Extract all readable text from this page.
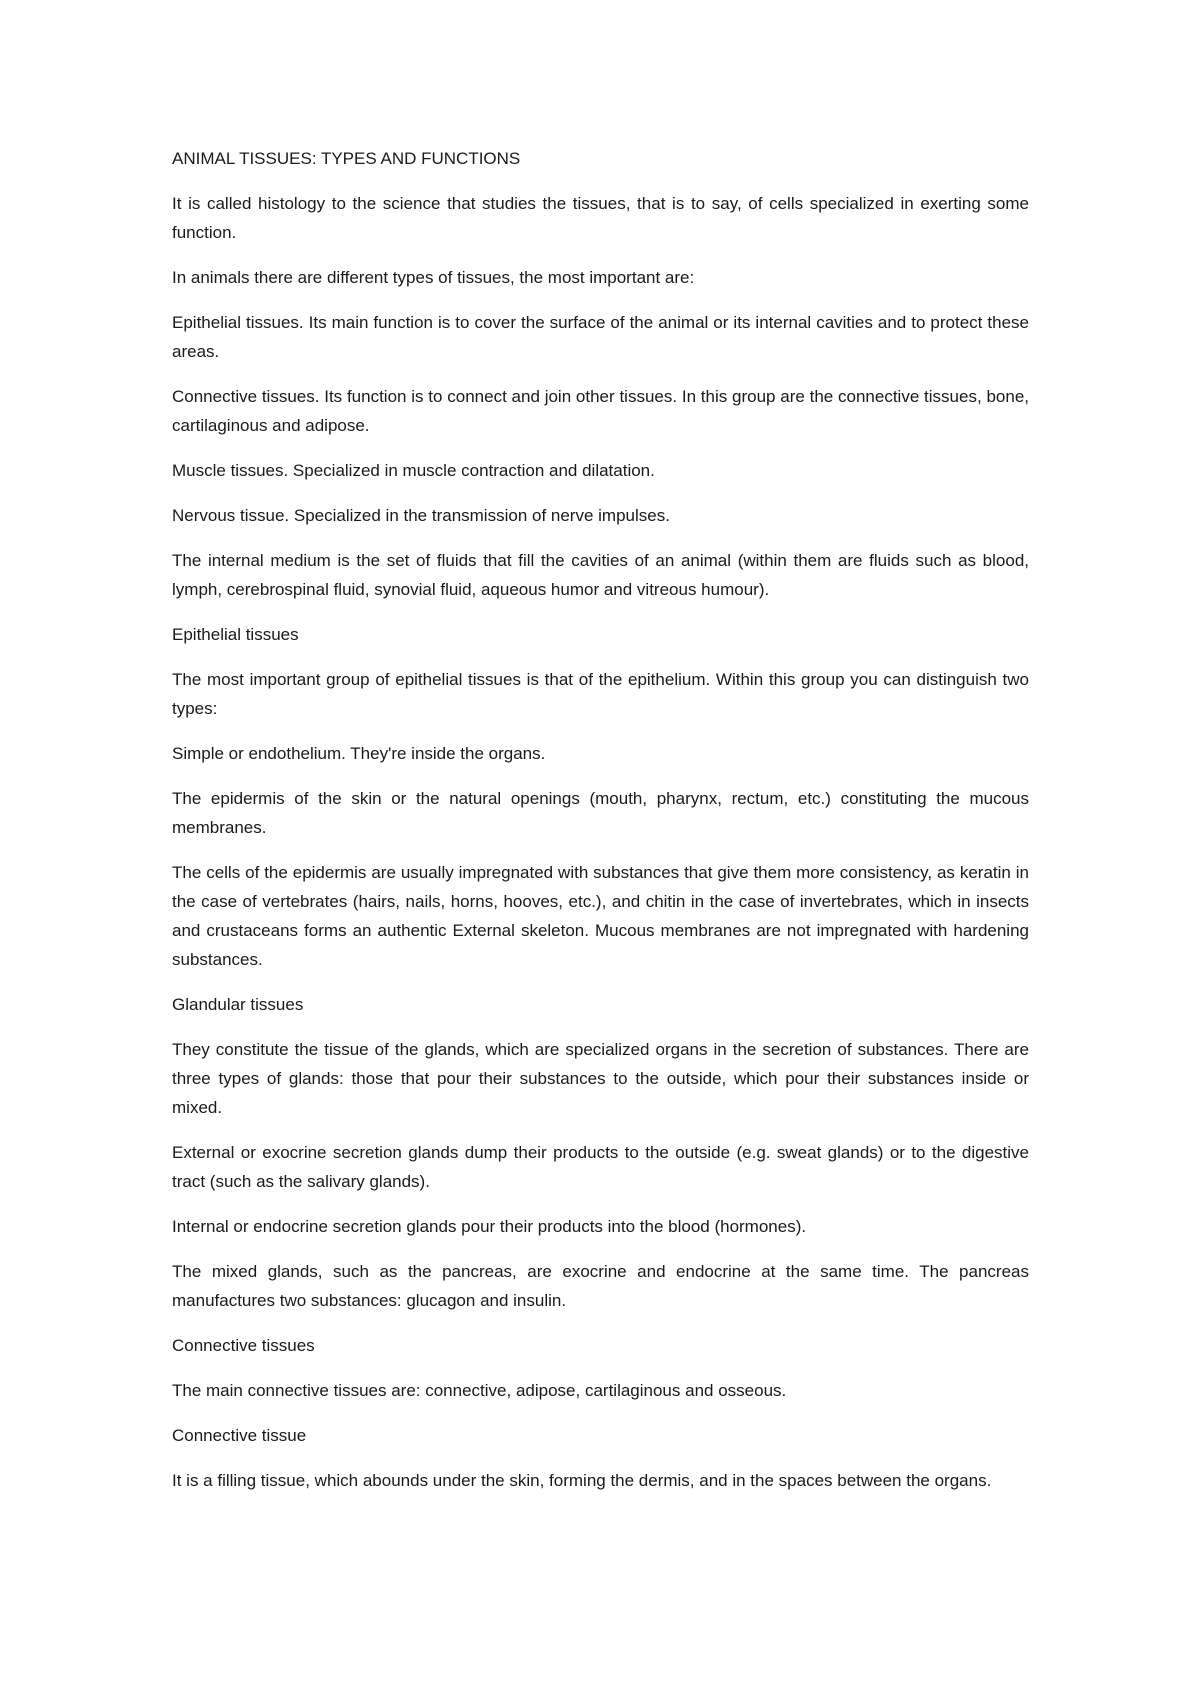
ANIMAL TISSUES: TYPES AND FUNCTIONS

It is called histology to the science that studies the tissues, that is to say, of cells specialized in exerting some function.

In animals there are different types of tissues, the most important are:

Epithelial tissues. Its main function is to cover the surface of the animal or its internal cavities and to protect these areas.

Connective tissues. Its function is to connect and join other tissues. In this group are the connective tissues, bone, cartilaginous and adipose.

Muscle tissues. Specialized in muscle contraction and dilatation.

Nervous tissue. Specialized in the transmission of nerve impulses.

The internal medium is the set of fluids that fill the cavities of an animal (within them are fluids such as blood, lymph, cerebrospinal fluid, synovial fluid, aqueous humor and vitreous humour).

Epithelial tissues

The most important group of epithelial tissues is that of the epithelium. Within this group you can distinguish two types:

Simple or endothelium. They're inside the organs.

The epidermis of the skin or the natural openings (mouth, pharynx, rectum, etc.) constituting the mucous membranes.

The cells of the epidermis are usually impregnated with substances that give them more consistency, as keratin in the case of vertebrates (hairs, nails, horns, hooves, etc.), and chitin in the case of invertebrates, which in insects and crustaceans forms an authentic External skeleton. Mucous membranes are not impregnated with hardening substances.

Glandular tissues

They constitute the tissue of the glands, which are specialized organs in the secretion of substances. There are three types of glands: those that pour their substances to the outside, which pour their substances inside or mixed.

External or exocrine secretion glands dump their products to the outside (e.g. sweat glands) or to the digestive tract (such as the salivary glands).

Internal or endocrine secretion glands pour their products into the blood (hormones).

The mixed glands, such as the pancreas, are exocrine and endocrine at the same time. The pancreas manufactures two substances: glucagon and insulin.

Connective tissues

The main connective tissues are: connective, adipose, cartilaginous and osseous.

Connective tissue

It is a filling tissue, which abounds under the skin, forming the dermis, and in the spaces between the organs.
